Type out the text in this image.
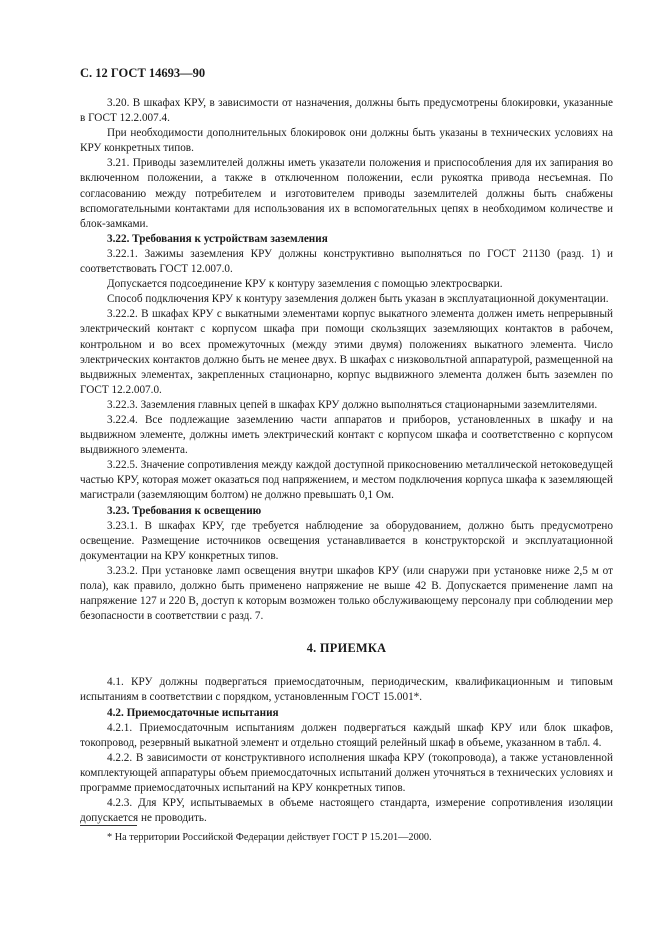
С. 12 ГОСТ 14693—90

3.20. В шкафах КРУ, в зависимости от назначения, должны быть предусмотрены блокировки, указанные в ГОСТ 12.2.007.4.

При необходимости дополнительных блокировок они должны быть указаны в технических условиях на КРУ конкретных типов.

3.21. Приводы заземлителей должны иметь указатели положения и приспособления для их запирания во включенном положении, а также в отключенном положении, если рукоятка привода несъемная. По согласованию между потребителем и изготовителем приводы заземлителей должны быть снабжены вспомогательными контактами для использования их в вспомогательных цепях в необходимом количестве и блок-замками.

3.22. Требования к устройствам заземления

3.22.1. Зажимы заземления КРУ должны конструктивно выполняться по ГОСТ 21130 (разд. 1) и соответствовать ГОСТ 12.007.0.

Допускается подсоединение КРУ к контуру заземления с помощью электросварки.

Способ подключения КРУ к контуру заземления должен быть указан в эксплуатационной документации.

3.22.2. В шкафах КРУ с выкатными элементами корпус выкатного элемента должен иметь непрерывный электрический контакт с корпусом шкафа при помощи скользящих заземляющих контактов в рабочем, контрольном и во всех промежуточных (между этими двумя) положениях выкатного элемента. Число электрических контактов должно быть не менее двух. В шкафах с низковольтной аппаратурой, размещенной на выдвижных элементах, закрепленных стационарно, корпус выдвижного элемента должен быть заземлен по ГОСТ 12.2.007.0.

3.22.3. Заземления главных цепей в шкафах КРУ должно выполняться стационарными заземлителями.

3.22.4. Все подлежащие заземлению части аппаратов и приборов, установленных в шкафу и на выдвижном элементе, должны иметь электрический контакт с корпусом шкафа и соответственно с корпусом выдвижного элемента.

3.22.5. Значение сопротивления между каждой доступной прикосновению металлической нетоковедущей частью КРУ, которая может оказаться под напряжением, и местом подключения корпуса шкафа к заземляющей магистрали (заземляющим болтом) не должно превышать 0,1 Ом.

3.23. Требования к освещению

3.23.1. В шкафах КРУ, где требуется наблюдение за оборудованием, должно быть предусмотрено освещение. Размещение источников освещения устанавливается в конструкторской и эксплуатационной документации на КРУ конкретных типов.

3.23.2. При установке ламп освещения внутри шкафов КРУ (или снаружи при установке ниже 2,5 м от пола), как правило, должно быть применено напряжение не выше 42 В. Допускается применение ламп на напряжение 127 и 220 В, доступ к которым возможен только обслуживающему персоналу при соблюдении мер безопасности в соответствии с разд. 7.

4. ПРИЕМКА

4.1. КРУ должны подвергаться приемосдаточным, периодическим, квалификационным и типовым испытаниям в соответствии с порядком, установленным ГОСТ 15.001*.

4.2. Приемосдаточные испытания

4.2.1. Приемосдаточным испытаниям должен подвергаться каждый шкаф КРУ или блок шкафов, токопровод, резервный выкатной элемент и отдельно стоящий релейный шкаф в объеме, указанном в табл. 4.

4.2.2. В зависимости от конструктивного исполнения шкафа КРУ (токопровода), а также установленной комплектующей аппаратуры объем приемосдаточных испытаний должен уточняться в технических условиях и программе приемосдаточных испытаний на КРУ конкретных типов.

4.2.3. Для КРУ, испытываемых в объеме настоящего стандарта, измерение сопротивления изоляции допускается не проводить.

* На территории Российской Федерации действует ГОСТ Р 15.201—2000.
